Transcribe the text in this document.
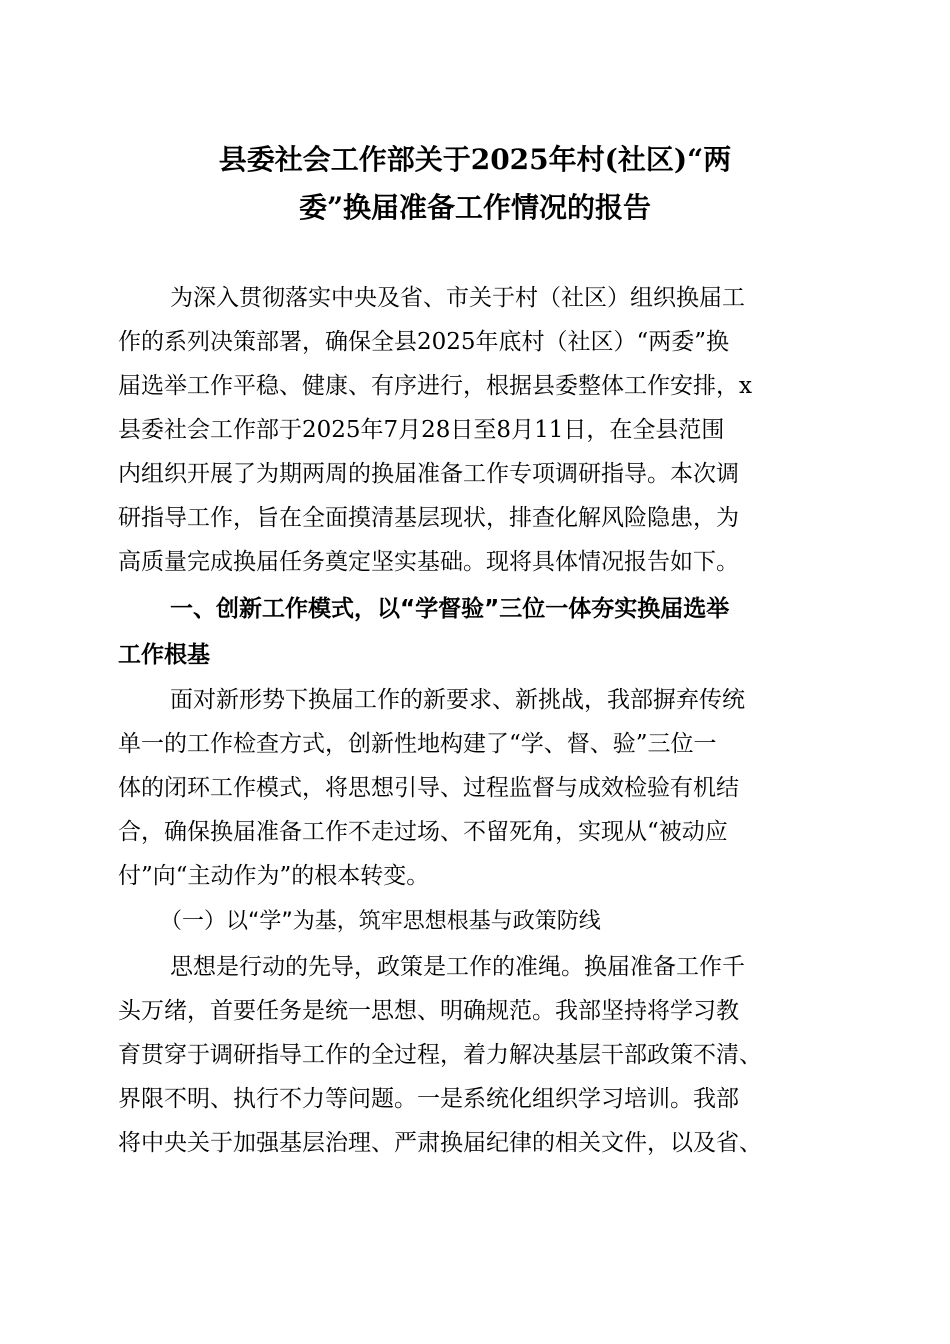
县委社会工作部关于2025年村(社区)“两
委”换届准备工作情况的报告
为深入贯彻落实中央及省、市关于村（社区）组织换届工
作的系列决策部署，确保全县2025年底村（社区）“两委”换
届选举工作平稳、健康、有序进行，根据县委整体工作安排，x
县委社会工作部于2025年7月28日至8月11日，在全县范围
内组织开展了为期两周的换届准备工作专项调研指导。本次调
研指导工作，旨在全面摸清基层现状，排查化解风险隐患，为
高质量完成换届任务奠定坚实基础。现将具体情况报告如下。
一、创新工作模式，以“学督验”三位一体夯实换届选举
工作根基
面对新形势下换届工作的新要求、新挑战，我部摒弃传统
单一的工作检查方式，创新性地构建了“学、督、验”三位一
体的闭环工作模式，将思想引导、过程监督与成效检验有机结
合，确保换届准备工作不走过场、不留死角，实现从“被动应
付”向“主动作为”的根本转变。
（一）以“学”为基，筑牢思想根基与政策防线
思想是行动的先导，政策是工作的准绳。换届准备工作千
头万绪，首要任务是统一思想、明确规范。我部坚持将学习教
育贯穿于调研指导工作的全过程，着力解决基层干部政策不清、
界限不明、执行不力等问题。一是系统化组织学习培训。我部
将中央关于加强基层治理、严肃换届纪律的相关文件，以及省、
